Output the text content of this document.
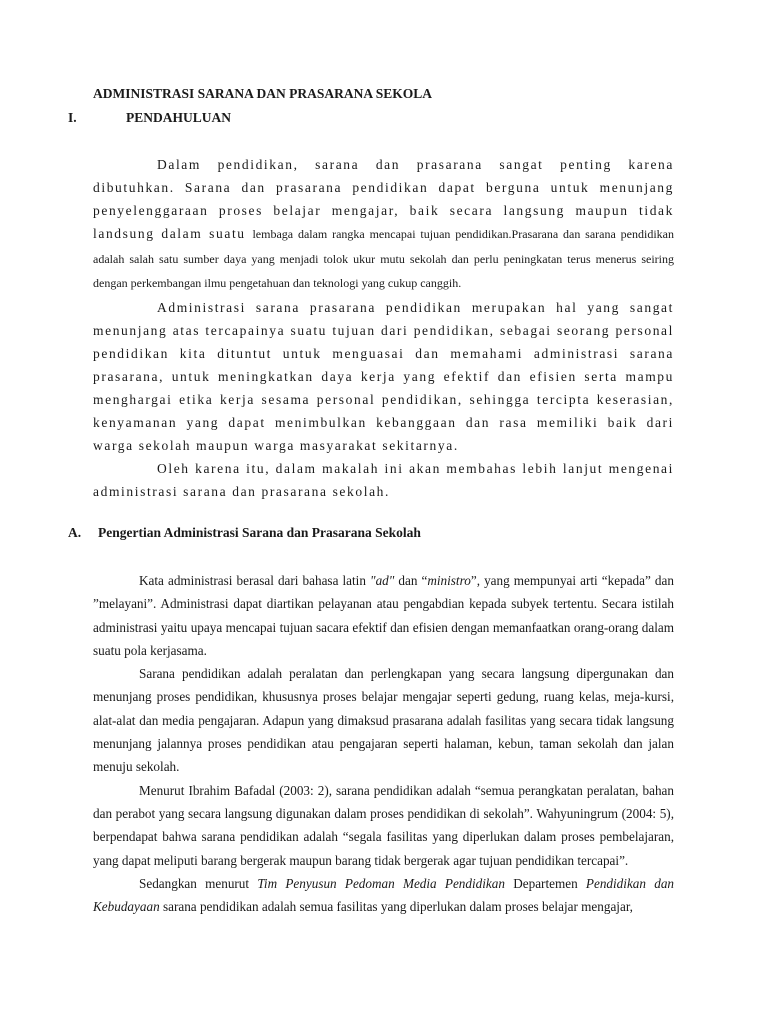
ADMINISTRASI SARANA DAN PRASARANA SEKOLA
I.	PENDAHULUAN

Dalam pendidikan, sarana dan prasarana sangat penting karena dibutuhkan. Sarana dan prasarana pendidikan dapat berguna untuk menunjang penyelenggaraan proses belajar mengajar, baik secara langsung maupun tidak landsung dalam suatu lembaga dalam rangka mencapai tujuan pendidikan.Prasarana dan sarana pendidikan adalah salah satu sumber daya yang menjadi tolok ukur mutu sekolah dan perlu peningkatan terus menerus seiring dengan perkembangan ilmu pengetahuan dan teknologi yang cukup canggih.

Administrasi sarana prasarana pendidikan merupakan hal yang sangat menunjang atas tercapainya suatu tujuan dari pendidikan, sebagai seorang personal pendidikan kita dituntut untuk menguasai dan memahami administrasi sarana prasarana, untuk meningkatkan daya kerja yang efektif dan efisien serta mampu menghargai etika kerja sesama personal pendidikan, sehingga tercipta keserasian, kenyamanan yang dapat menimbulkan kebanggaan dan rasa memiliki baik dari warga sekolah maupun warga masyarakat sekitarnya.

Oleh karena itu, dalam makalah ini akan membahas lebih lanjut mengenai administrasi sarana dan prasarana sekolah.

A. Pengertian Administrasi Sarana dan Prasarana Sekolah

Kata administrasi berasal dari bahasa latin "ad" dan “ministro”, yang mempunyai arti “kepada” dan ”melayani”. Administrasi dapat diartikan pelayanan atau pengabdian kepada subyek tertentu. Secara istilah administrasi yaitu upaya mencapai tujuan sacara efektif dan efisien dengan memanfaatkan orang-orang dalam suatu pola kerjasama.

Sarana pendidikan adalah peralatan dan perlengkapan yang secara langsung dipergunakan dan menunjang proses pendidikan, khususnya proses belajar mengajar seperti gedung, ruang kelas, meja-kursi, alat-alat dan media pengajaran. Adapun yang dimaksud prasarana adalah fasilitas yang secara tidak langsung menunjang jalannya proses pendidikan atau pengajaran seperti halaman, kebun, taman sekolah dan jalan menuju sekolah.

Menurut Ibrahim Bafadal (2003: 2), sarana pendidikan adalah “semua perangkatan peralatan, bahan dan perabot yang secara langsung digunakan dalam proses pendidikan di sekolah”. Wahyuningrum (2004: 5), berpendapat bahwa sarana pendidikan adalah “segala fasilitas yang diperlukan dalam proses pembelajaran, yang dapat meliputi barang bergerak maupun barang tidak bergerak agar tujuan pendidikan tercapai”.

Sedangkan menurut Tim Penyusun Pedoman Media Pendidikan Departemen Pendidikan dan Kebudayaan sarana pendidikan adalah semua fasilitas yang diperlukan dalam proses belajar mengajar,
